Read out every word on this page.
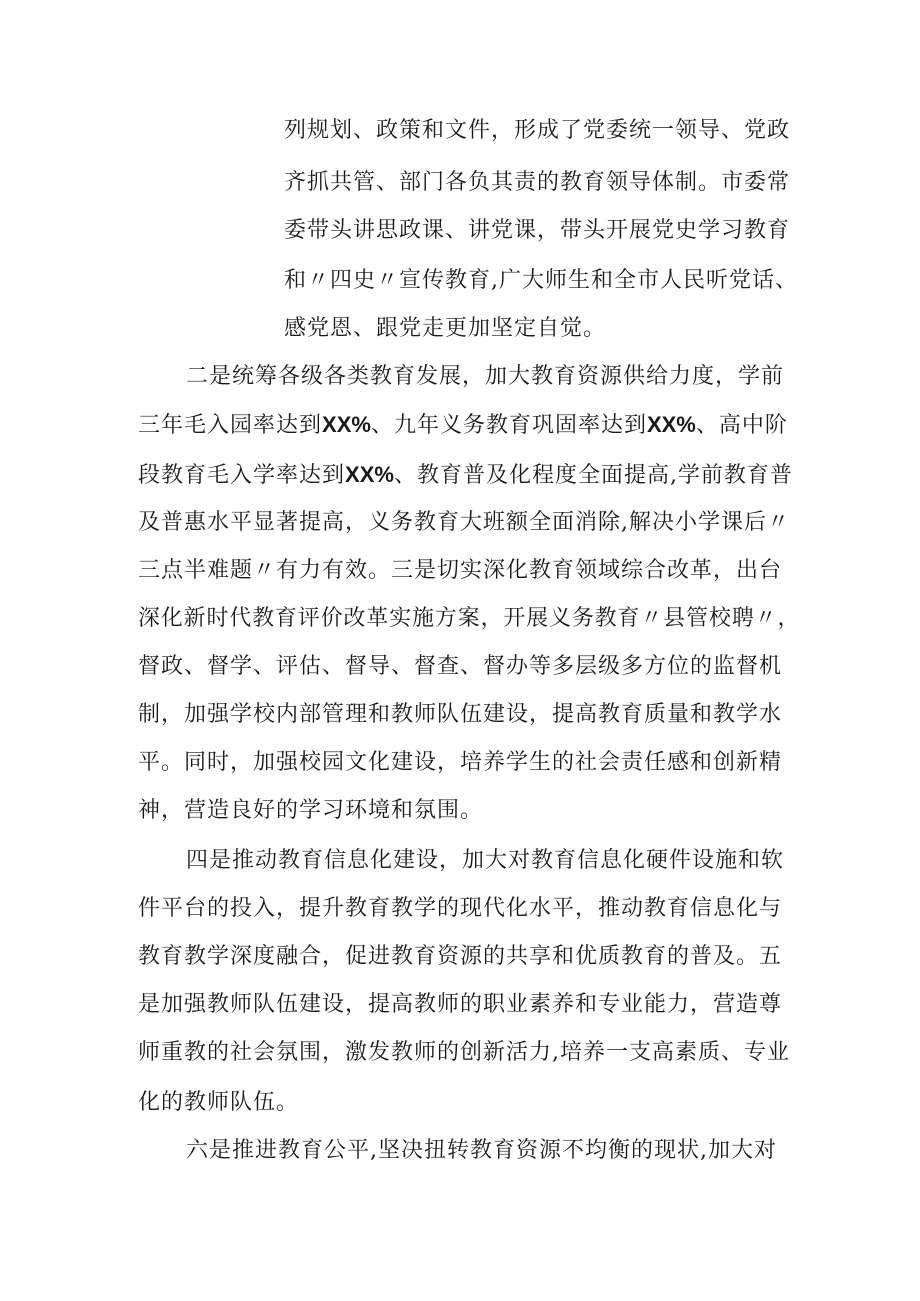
列规划、政策和文件，形成了党委统一领导、党政
齐抓共管、部门各负其责的教育领导体制。市委常
委带头讲思政课、讲党课，带头开展党史学习教育
和〃四史〃宣传教育,广大师生和全市人民听党话、
感党恩、跟党走更加坚定自觉。
二是统筹各级各类教育发展，加大教育资源供给力度，学前
三年毛入园率达到XX%、九年义务教育巩固率达到XX%、高中阶
段教育毛入学率达到XX%、教育普及化程度全面提高,学前教育普
及普惠水平显著提高，义务教育大班额全面消除,解决小学课后〃
三点半难题〃有力有效。三是切实深化教育领域综合改革，出台
深化新时代教育评价改革实施方案，开展义务教育〃县管校聘〃，
督政、督学、评估、督导、督查、督办等多层级多方位的监督机
制，加强学校内部管理和教师队伍建设，提高教育质量和教学水
平。同时，加强校园文化建设，培养学生的社会责任感和创新精
神，营造良好的学习环境和氛围。
四是推动教育信息化建设，加大对教育信息化硬件设施和软
件平台的投入，提升教育教学的现代化水平，推动教育信息化与
教育教学深度融合，促进教育资源的共享和优质教育的普及。五
是加强教师队伍建设，提高教师的职业素养和专业能力，营造尊
师重教的社会氛围，激发教师的创新活力,培养一支高素质、专业
化的教师队伍。
六是推进教育公平,坚决扭转教育资源不均衡的现状,加大对
